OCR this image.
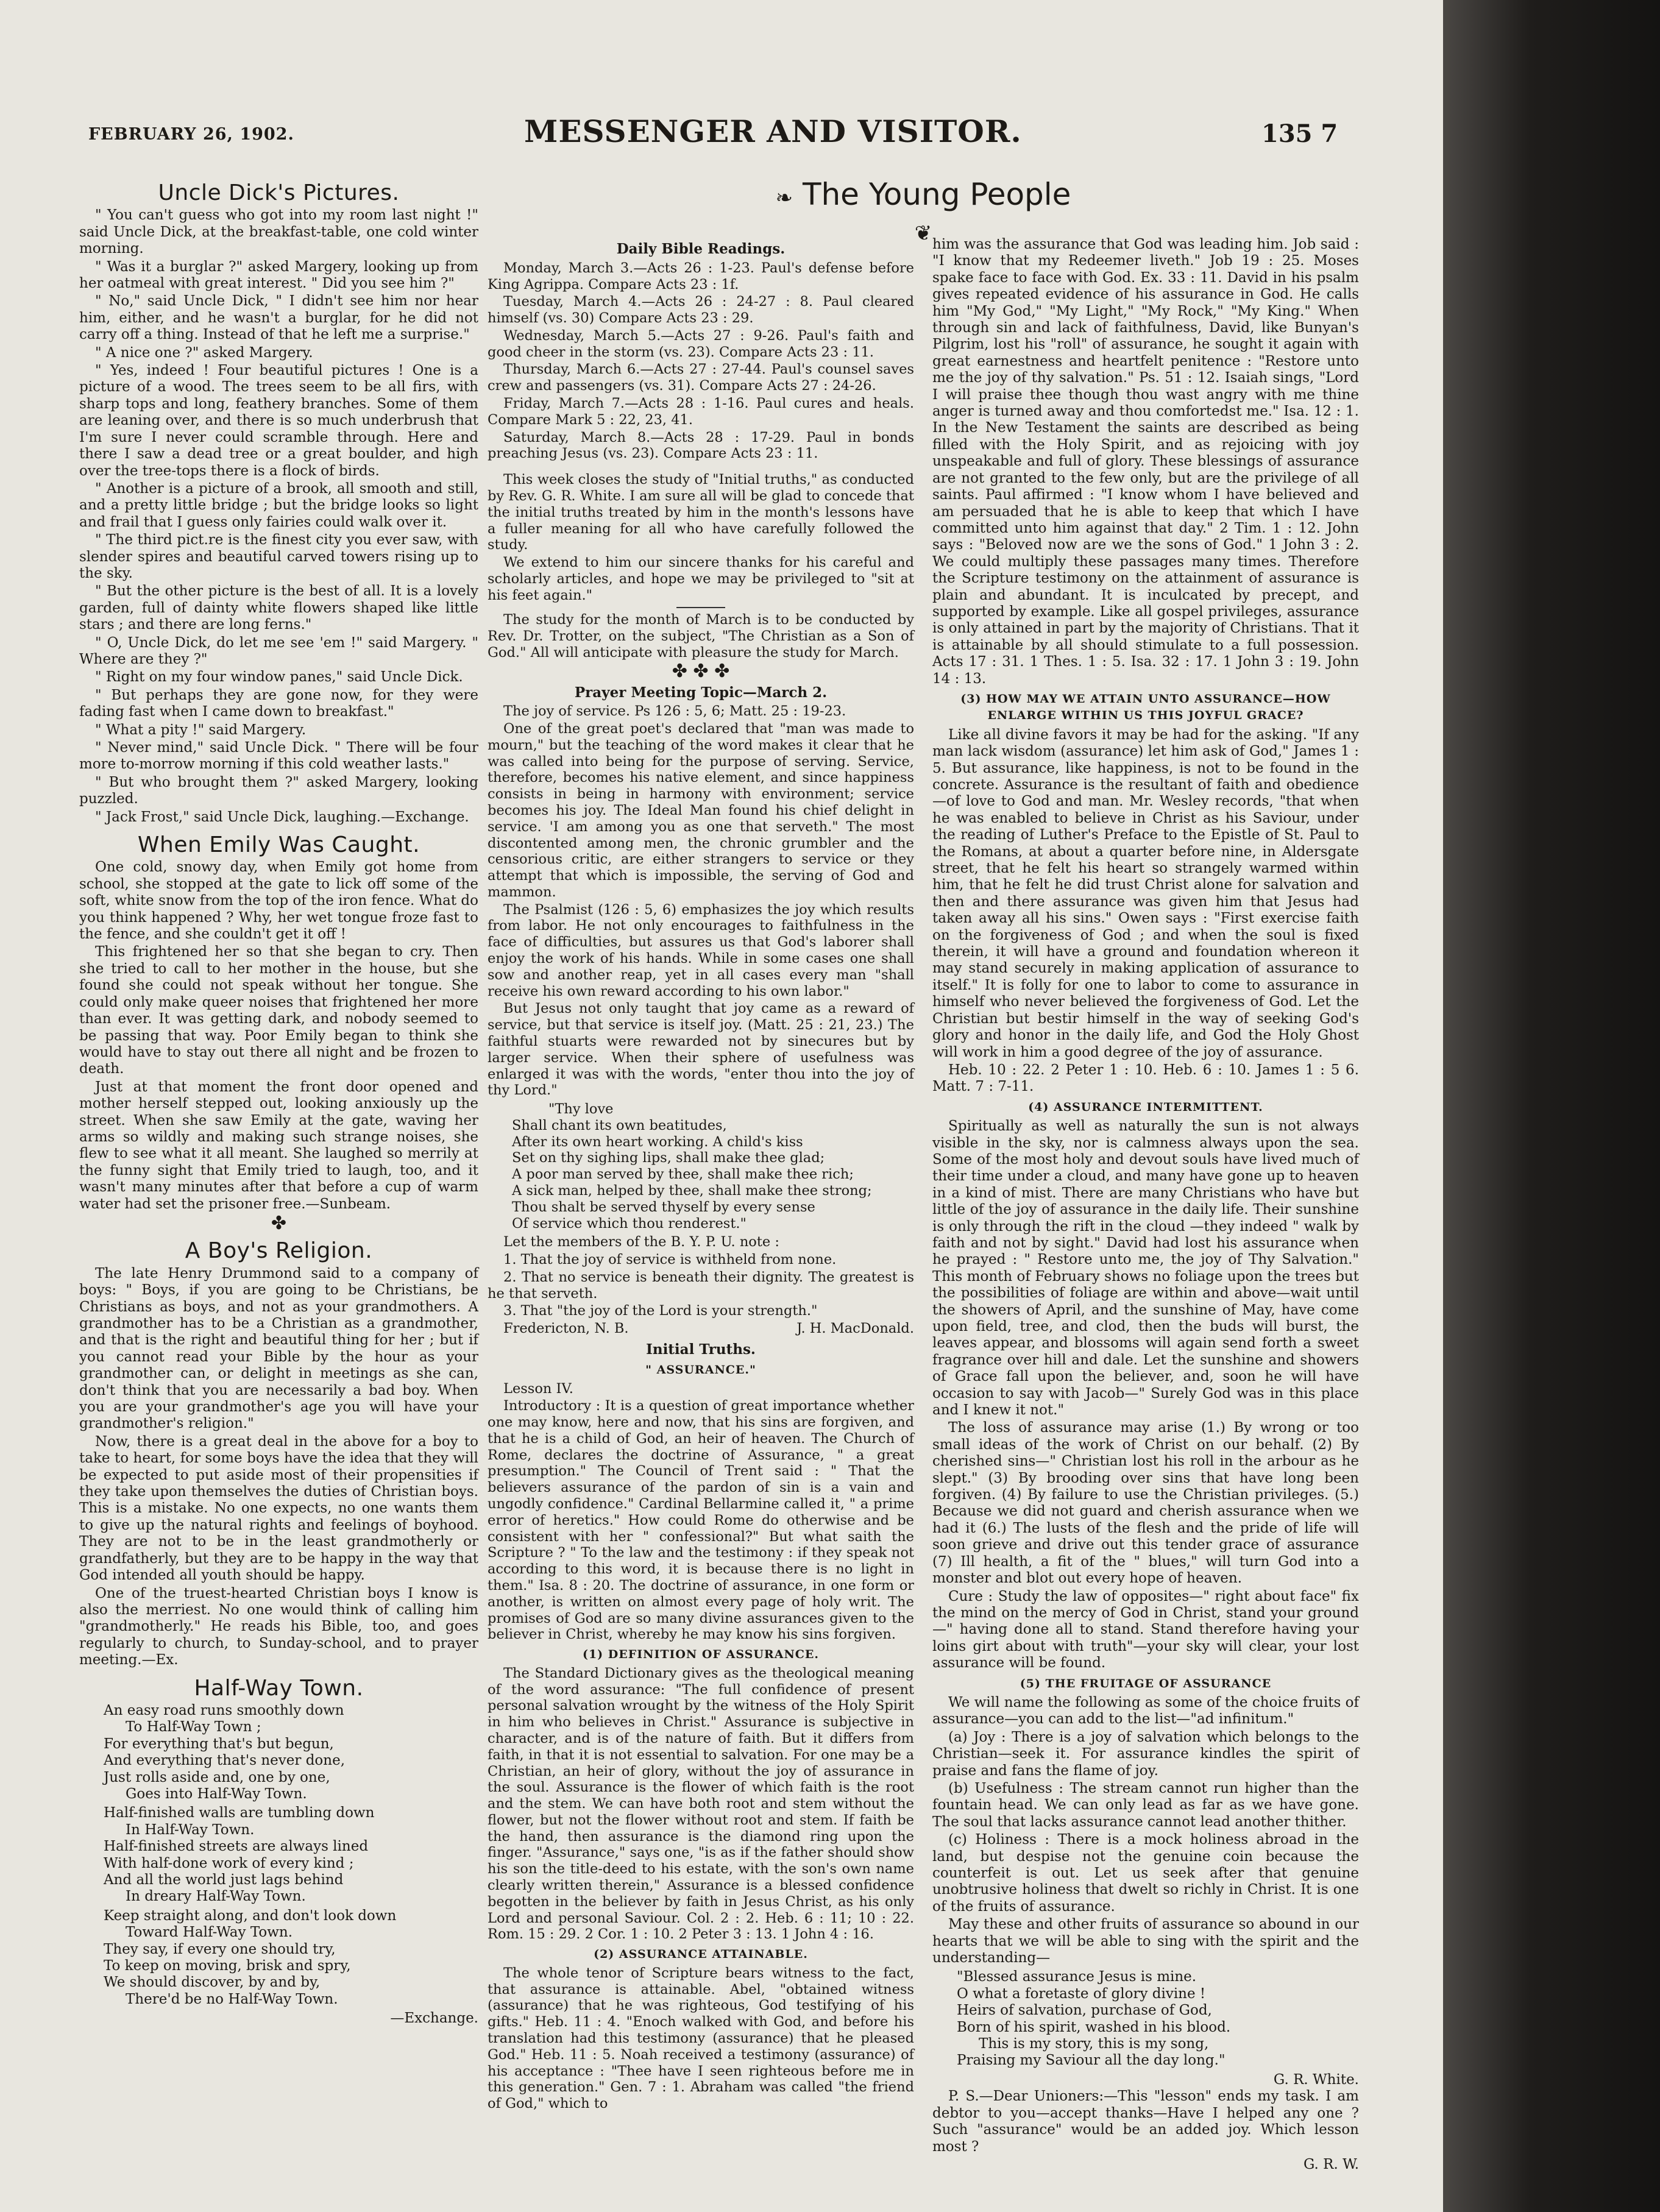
FEBRUARY 26, 1902.	MESSENGER AND VISITOR.	135 7
❧ The Young People ❦
Uncle Dick's Pictures.

" You can't guess who got into my room last night !" said Uncle Dick, at the breakfast-table, one cold winter morning.

" Was it a burglar ?" asked Margery, looking up from her oatmeal with great interest. " Did you see him ?"

" No," said Uncle Dick, " I didn't see him nor hear him, either, and he wasn't a burglar, for he did not carry off a thing. Instead of that he left me a surprise."

" A nice one ?" asked Margery.

" Yes, indeed ! Four beautiful pictures ! One is a picture of a wood. The trees seem to be all firs, with sharp tops and long, feathery branches. Some of them are leaning over, and there is so much underbrush that I'm sure I never could scramble through. Here and there I saw a dead tree or a great boulder, and high over the tree-tops there is a flock of birds.

" Another is a picture of a brook, all smooth and still, and a pretty little bridge ; but the bridge looks so light and frail that I guess only fairies could walk over it.

" The third pict.re is the finest city you ever saw, with slender spires and beautiful carved towers rising up to the sky.

" But the other picture is the best of all. It is a lovely garden, full of dainty white flowers shaped like little stars ; and there are long ferns."

" O, Uncle Dick, do let me see 'em !" said Margery. " Where are they ?"

" Right on my four window panes," said Uncle Dick.

" But perhaps they are gone now, for they were fading fast when I came down to breakfast."

" What a pity !" said Margery.

" Never mind," said Uncle Dick. " There will be four more to-morrow morning if this cold weather lasts."

" But who brought them ?" asked Margery, looking puzzled.

" Jack Frost," said Uncle Dick, laughing.—Exchange.

When Emily Was Caught.

One cold, snowy day, when Emily got home from school, she stopped at the gate to lick off some of the soft, white snow from the top of the iron fence. What do you think happened ? Why, her wet tongue froze fast to the fence, and she couldn't get it off !

This frightened her so that she began to cry. Then she tried to call to her mother in the house, but she found she could not speak without her tongue. She could only make queer noises that frightened her more than ever. It was getting dark, and nobody seemed to be passing that way. Poor Emily began to think she would have to stay out there all night and be frozen to death.

Just at that moment the front door opened and mother herself stepped out, looking anxiously up the street. When she saw Emily at the gate, waving her arms so wildly and making such strange noises, she flew to see what it all meant. She laughed so merrily at the funny sight that Emily tried to laugh, too, and it wasn't many minutes after that before a cup of warm water had set the prisoner free.—Sunbeam.

✤
A Boy's Religion.

The late Henry Drummond said to a company of boys: " Boys, if you are going to be Christians, be Christians as boys, and not as your grandmothers. A grandmother has to be a Christian as a grandmother, and that is the right and beautiful thing for her ; but if you cannot read your Bible by the hour as your grandmother can, or delight in meetings as she can, don't think that you are necessarily a bad boy. When you are your grandmother's age you will have your grandmother's religion."

Now, there is a great deal in the above for a boy to take to heart, for some boys have the idea that they will be expected to put aside most of their propensities if they take upon themselves the duties of Christian boys. This is a mistake. No one expects, no one wants them to give up the natural rights and feelings of boyhood. They are not to be in the least grandmotherly or grandfatherly, but they are to be happy in the way that God intended all youth should be happy.

One of the truest-hearted Christian boys I know is also the merriest. No one would think of calling him "grandmotherly." He reads his Bible, too, and goes regularly to church, to Sunday-school, and to prayer meeting.—Ex.

Half-Way Town.
An easy road runs smoothly down
To Half-Way Town ;
For everything that's but begun,
And everything that's never done,
Just rolls aside and, one by one,
Goes into Half-Way Town.
Half-finished walls are tumbling down
In Half-Way Town.
Half-finished streets are always lined
With half-done work of every kind ;
And all the world just lags behind
In dreary Half-Way Town.
Keep straight along, and don't look down
Toward Half-Way Town.
They say, if every one should try,
To keep on moving, brisk and spry,
We should discover, by and by,
There'd be no Half-Way Town.
—Exchange.
Daily Bible Readings.

Monday, March 3.—Acts 26 : 1-23. Paul's defense before King Agrippa. Compare Acts 23 : 1f.

Tuesday, March 4.—Acts 26 : 24-27 : 8. Paul cleared himself (vs. 30) Compare Acts 23 : 29.

Wednesday, March 5.—Acts 27 : 9-26. Paul's faith and good cheer in the storm (vs. 23). Compare Acts 23 : 11.

Thursday, March 6.—Acts 27 : 27-44. Paul's counsel saves crew and passengers (vs. 31). Compare Acts 27 : 24-26.

Friday, March 7.—Acts 28 : 1-16. Paul cures and heals. Compare Mark 5 : 22, 23, 41.

Saturday, March 8.—Acts 28 : 17-29. Paul in bonds preaching Jesus (vs. 23). Compare Acts 23 : 11.

This week closes the study of "Initial truths," as conducted by Rev. G. R. White. I am sure all will be glad to concede that the initial truths treated by him in the month's lessons have a fuller meaning for all who have carefully followed the study.

We extend to him our sincere thanks for his careful and scholarly articles, and hope we may be privileged to "sit at his feet again."

The study for the month of March is to be conducted by Rev. Dr. Trotter, on the subject, "The Christian as a Son of God." All will anticipate with pleasure the study for March.

✤ ✤ ✤
Prayer Meeting Topic—March 2.

The joy of service. Ps 126 : 5, 6; Matt. 25 : 19-23.

One of the great poet's declared that "man was made to mourn," but the teaching of the word makes it clear that he was called into being for the purpose of serving. Service, therefore, becomes his native element, and since happiness consists in being in harmony with environment; service becomes his joy. The Ideal Man found his chief delight in service. 'I am among you as one that serveth." The most discontented among men, the chronic grumbler and the censorious critic, are either strangers to service or they attempt that which is impossible, the serving of God and mammon.

The Psalmist (126 : 5, 6) emphasizes the joy which results from labor. He not only encourages to faithfulness in the face of difficulties, but assures us that God's laborer shall enjoy the work of his hands. While in some cases one shall sow and another reap, yet in all cases every man "shall receive his own reward according to his own labor."

But Jesus not only taught that joy came as a reward of service, but that service is itself joy. (Matt. 25 : 21, 23.) The faithful stuarts were rewarded not by sinecures but by larger service. When their sphere of usefulness was enlarged it was with the words, "enter thou into the joy of thy Lord."

"Thy love
Shall chant its own beatitudes,
After its own heart working. A child's kiss
Set on thy sighing lips, shall make thee glad;
A poor man served by thee, shall make thee rich;
A sick man, helped by thee, shall make thee strong;
Thou shalt be served thyself by every sense
Of service which thou renderest."

Let the members of the B. Y. P. U. note :

1. That the joy of service is withheld from none.

2. That no service is beneath their dignity. The greatest is he that serveth.

3. That "the joy of the Lord is your strength."

Fredericton, N. B.	J. H. MacDonald.
Initial Truths.
" ASSURANCE."

Lesson IV.

Introductory : It is a question of great importance whether one may know, here and now, that his sins are forgiven, and that he is a child of God, an heir of heaven. The Church of Rome, declares the doctrine of Assurance, " a great presumption." The Council of Trent said : " That the believers assurance of the pardon of sin is a vain and ungodly confidence." Cardinal Bellarmine called it, " a prime error of heretics." How could Rome do otherwise and be consistent with her " confessional?" But what saith the Scripture ? " To the law and the testimony : if they speak not according to this word, it is because there is no light in them." Isa. 8 : 20. The doctrine of assurance, in one form or another, is written on almost every page of holy writ. The promises of God are so many divine assurances given to the believer in Christ, whereby he may know his sins forgiven.

(1) DEFINITION OF ASSURANCE.

The Standard Dictionary gives as the theological meaning of the word assurance: "The full confidence of present personal salvation wrought by the witness of the Holy Spirit in him who believes in Christ." Assurance is subjective in character, and is of the nature of faith. But it differs from faith, in that it is not essential to salvation. For one may be a Christian, an heir of glory, without the joy of assurance in the soul. Assurance is the flower of which faith is the root and the stem. We can have both root and stem without the flower, but not the flower without root and stem. If faith be the hand, then assurance is the diamond ring upon the finger. "Assurance," says one, "is as if the father should show his son the title-deed to his estate, with the son's own name clearly written therein," Assurance is a blessed confidence begotten in the believer by faith in Jesus Christ, as his only Lord and personal Saviour. Col. 2 : 2. Heb. 6 : 11; 10 : 22. Rom. 15 : 29. 2 Cor. 1 : 10. 2 Peter 3 : 13. 1 John 4 : 16.

(2) ASSURANCE ATTAINABLE.

The whole tenor of Scripture bears witness to the fact, that assurance is attainable. Abel, "obtained witness (assurance) that he was righteous, God testifying of his gifts." Heb. 11 : 4. "Enoch walked with God, and before his translation had this testimony (assurance) that he pleased God." Heb. 11 : 5. Noah received a testimony (assurance) of his acceptance : "Thee have I seen righteous before me in this generation." Gen. 7 : 1. Abraham was called "the friend of God," which to

him was the assurance that God was leading him. Job said : "I know that my Redeemer liveth." Job 19 : 25. Moses spake face to face with God. Ex. 33 : 11. David in his psalm gives repeated evidence of his assurance in God. He calls him "My God," "My Light," "My Rock," "My King." When through sin and lack of faithfulness, David, like Bunyan's Pilgrim, lost his "roll" of assurance, he sought it again with great earnestness and heartfelt penitence : "Restore unto me the joy of thy salvation." Ps. 51 : 12. Isaiah sings, "Lord I will praise thee though thou wast angry with me thine anger is turned away and thou comfortedst me." Isa. 12 : 1. In the New Testament the saints are described as being filled with the Holy Spirit, and as rejoicing with joy unspeakable and full of glory. These blessings of assurance are not granted to the few only, but are the privilege of all saints. Paul affirmed : "I know whom I have believed and am persuaded that he is able to keep that which I have committed unto him against that day." 2 Tim. 1 : 12. John says : "Beloved now are we the sons of God." 1 John 3 : 2. We could multiply these passages many times. Therefore the Scripture testimony on the attainment of assurance is plain and abundant. It is inculcated by precept, and supported by example. Like all gospel privileges, assurance is only attained in part by the majority of Christians. That it is attainable by all should stimulate to a full possession. Acts 17 : 31. 1 Thes. 1 : 5. Isa. 32 : 17. 1 John 3 : 19. John 14 : 13.

(3) HOW MAY WE ATTAIN UNTO ASSURANCE—HOW ENLARGE WITHIN US THIS JOYFUL GRACE?

Like all divine favors it may be had for the asking. "If any man lack wisdom (assurance) let him ask of God," James 1 : 5. But assurance, like happiness, is not to be found in the concrete. Assurance is the resultant of faith and obedience—of love to God and man. Mr. Wesley records, "that when he was enabled to believe in Christ as his Saviour, under the reading of Luther's Preface to the Epistle of St. Paul to the Romans, at about a quarter before nine, in Aldersgate street, that he felt his heart so strangely warmed within him, that he felt he did trust Christ alone for salvation and then and there assurance was given him that Jesus had taken away all his sins." Owen says : "First exercise faith on the forgiveness of God ; and when the soul is fixed therein, it will have a ground and foundation whereon it may stand securely in making application of assurance to itself." It is folly for one to labor to come to assurance in himself who never believed the forgiveness of God. Let the Christian but bestir himself in the way of seeking God's glory and honor in the daily life, and God the Holy Ghost will work in him a good degree of the joy of assurance.

Heb. 10 : 22. 2 Peter 1 : 10. Heb. 6 : 10. James 1 : 5 6. Matt. 7 : 7-11.

(4) ASSURANCE INTERMITTENT.

Spiritually as well as naturally the sun is not always visible in the sky, nor is calmness always upon the sea. Some of the most holy and devout souls have lived much of their time under a cloud, and many have gone up to heaven in a kind of mist. There are many Christians who have but little of the joy of assurance in the daily life. Their sunshine is only through the rift in the cloud —they indeed " walk by faith and not by sight." David had lost his assurance when he prayed : " Restore unto me, the joy of Thy Salvation." This month of February shows no foliage upon the trees but the possibilities of foliage are within and above—wait until the showers of April, and the sunshine of May, have come upon field, tree, and clod, then the buds will burst, the leaves appear, and blossoms will again send forth a sweet fragrance over hill and dale. Let the sunshine and showers of Grace fall upon the believer, and, soon he will have occasion to say with Jacob—" Surely God was in this place and I knew it not."

The loss of assurance may arise (1.) By wrong or too small ideas of the work of Christ on our behalf. (2) By cherished sins—" Christian lost his roll in the arbour as he slept." (3) By brooding over sins that have long been forgiven. (4) By failure to use the Christian privileges. (5.) Because we did not guard and cherish assurance when we had it (6.) The lusts of the flesh and the pride of life will soon grieve and drive out this tender grace of assurance (7) Ill health, a fit of the " blues," will turn God into a monster and blot out every hope of heaven.

Cure : Study the law of opposites—" right about face" fix the mind on the mercy of God in Christ, stand your ground—" having done all to stand. Stand therefore having your loins girt about with truth"—your sky will clear, your lost assurance will be found.

(5) THE FRUITAGE OF ASSURANCE

We will name the following as some of the choice fruits of assurance—you can add to the list—"ad infinitum."

(a) Joy : There is a joy of salvation which belongs to the Christian—seek it. For assurance kindles the spirit of praise and fans the flame of joy.

(b) Usefulness : The stream cannot run higher than the fountain head. We can only lead as far as we have gone. The soul that lacks assurance cannot lead another thither.

(c) Holiness : There is a mock holiness abroad in the land, but despise not the genuine coin because the counterfeit is out. Let us seek after that genuine unobtrusive holiness that dwelt so richly in Christ. It is one of the fruits of assurance.

May these and other fruits of assurance so abound in our hearts that we will be able to sing with the spirit and the understanding—

"Blessed assurance Jesus is mine.
O what a foretaste of glory divine !
Heirs of salvation, purchase of God,
Born of his spirit, washed in his blood.
This is my story, this is my song,
Praising my Saviour all the day long."
G. R. White.

P. S.—Dear Unioners:—This "lesson" ends my task. I am debtor to you—accept thanks—Have I helped any one ? Such "assurance" would be an added joy. Which lesson most ?

G. R. W.
